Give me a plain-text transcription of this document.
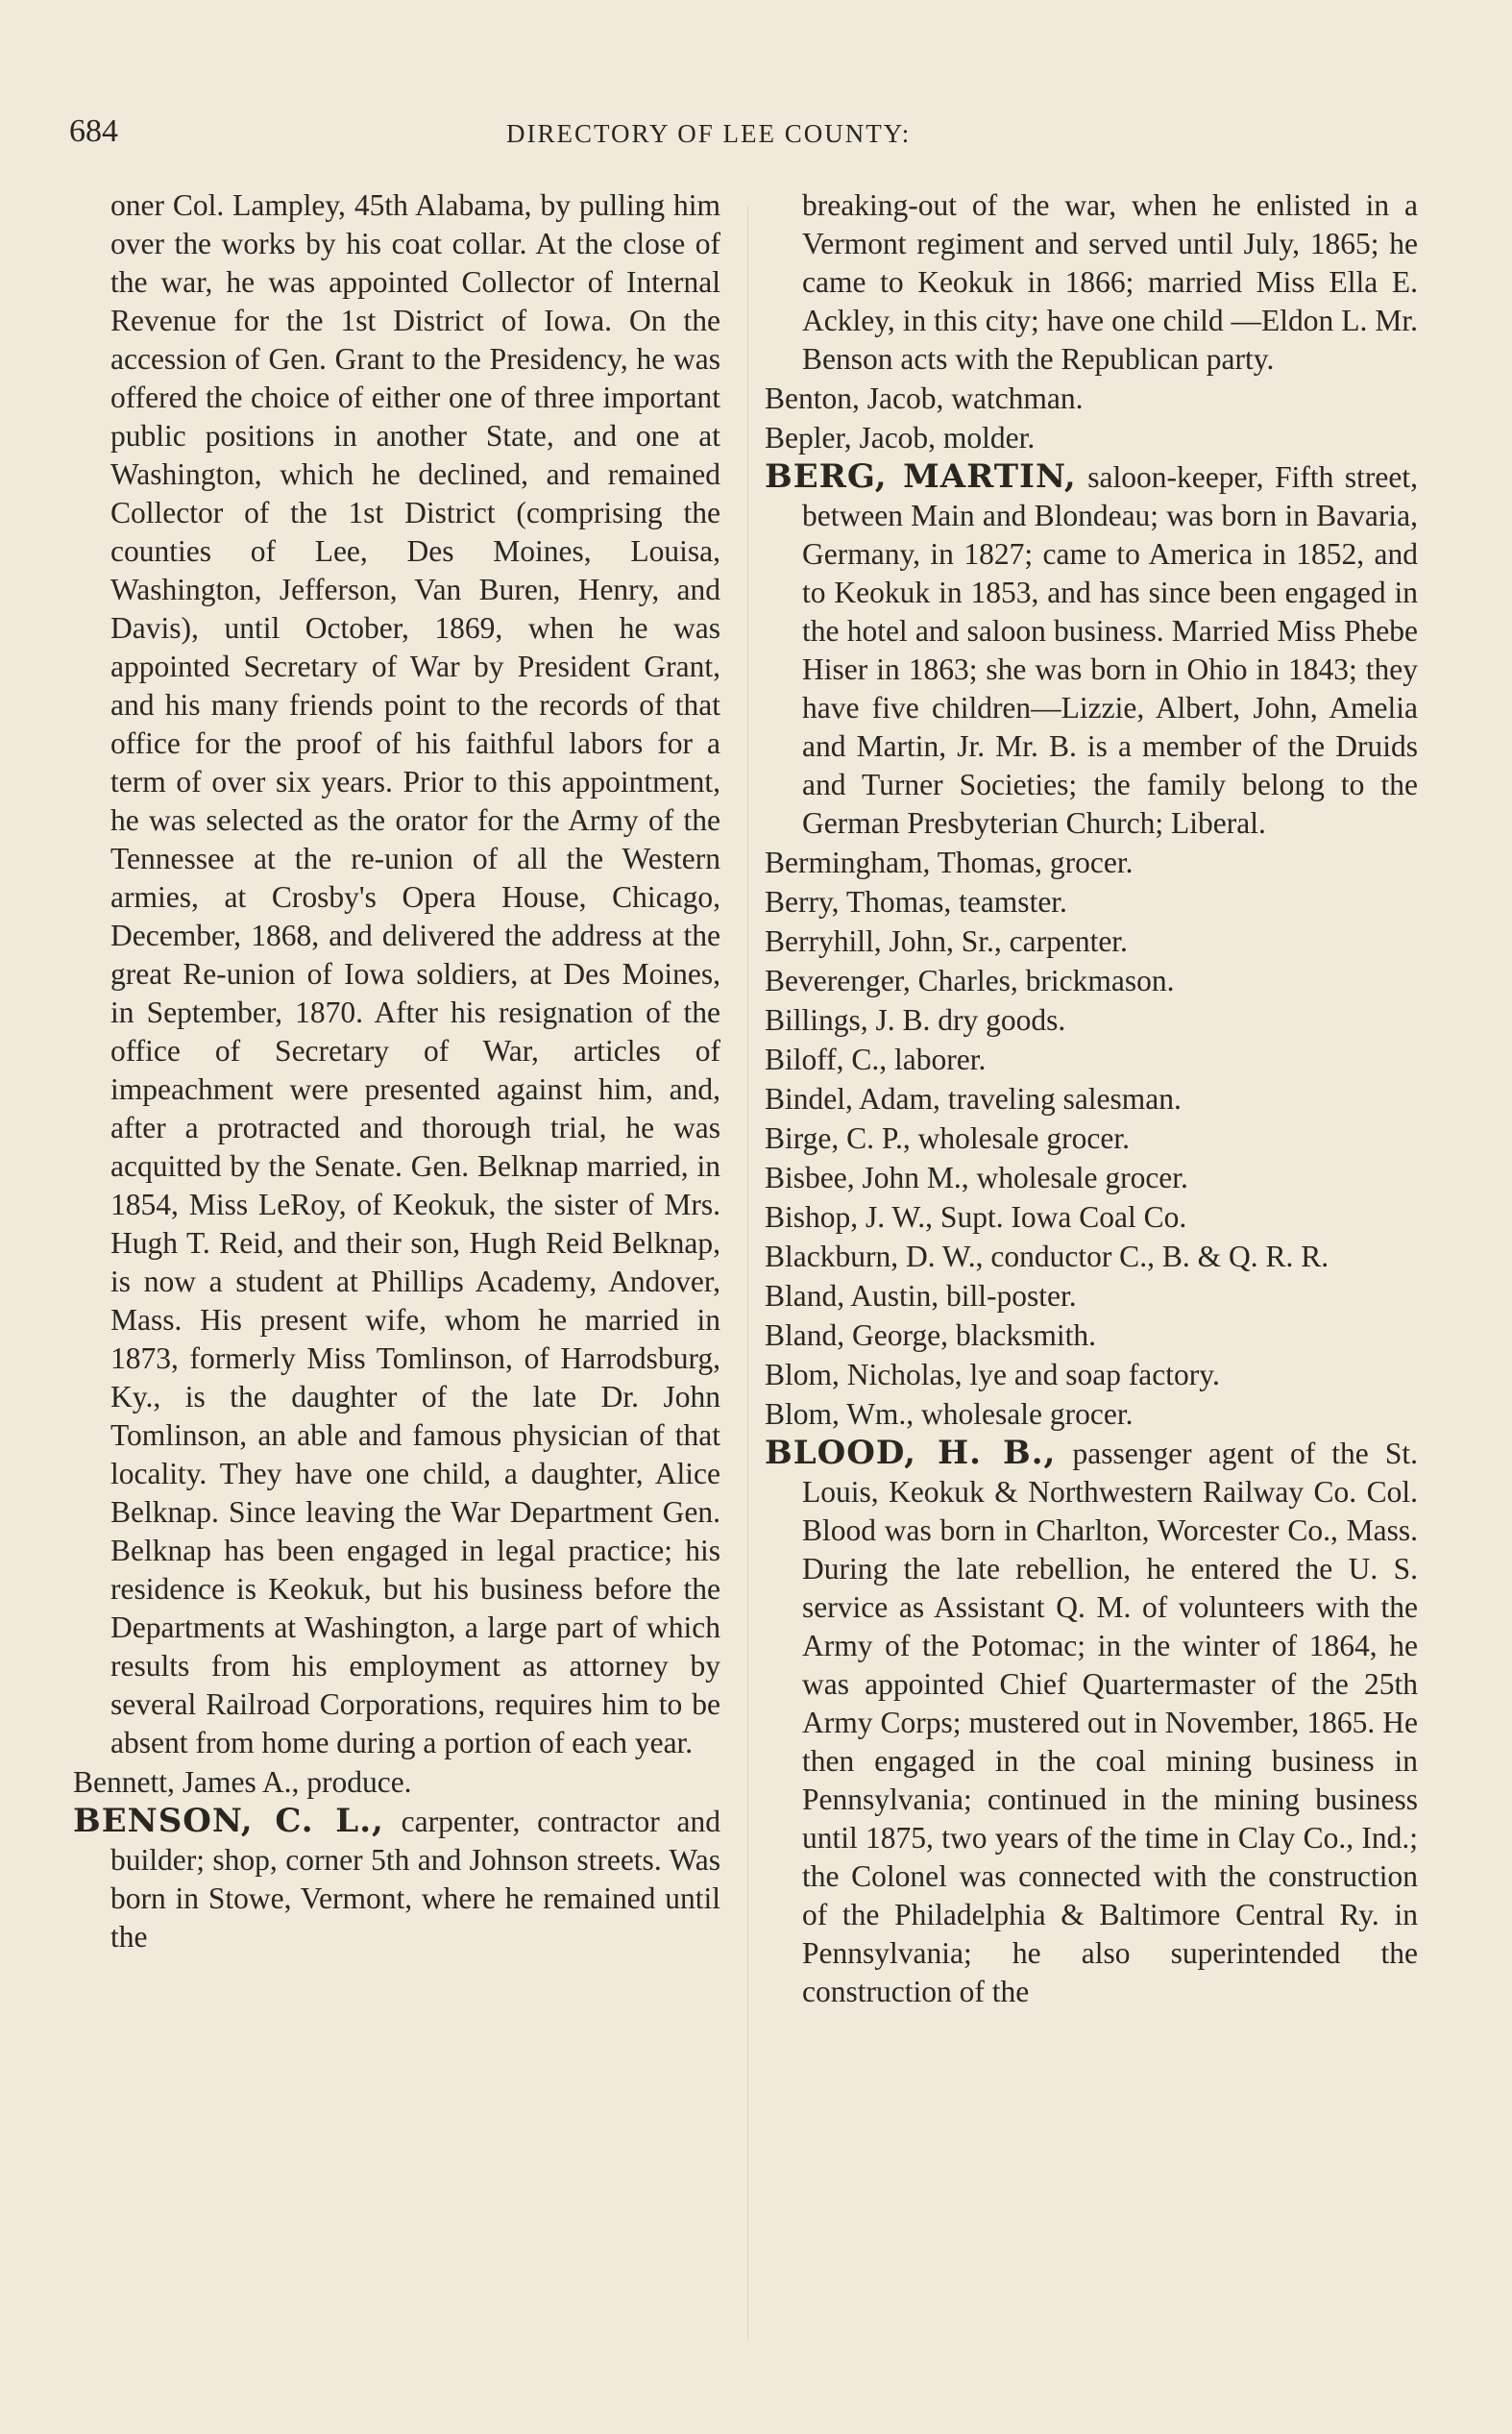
684	DIRECTORY OF LEE COUNTY:
oner Col. Lampley, 45th Alabama, by pulling him over the works by his coat collar. At the close of the war, he was appointed Collector of Internal Revenue for the 1st District of Iowa. On the accession of Gen. Grant to the Presidency, he was offered the choice of either one of three important public positions in another State, and one at Washington, which he declined, and remained Collector of the 1st District (comprising the counties of Lee, Des Moines, Louisa, Washington, Jefferson, Van Buren, Henry, and Davis), until October, 1869, when he was appointed Secretary of War by President Grant, and his many friends point to the records of that office for the proof of his faithful labors for a term of over six years. Prior to this appointment, he was selected as the orator for the Army of the Tennessee at the re-union of all the Western armies, at Crosby's Opera House, Chicago, December, 1868, and delivered the address at the great Re-union of Iowa soldiers, at Des Moines, in September, 1870. After his resignation of the office of Secretary of War, articles of impeachment were presented against him, and, after a protracted and thorough trial, he was acquitted by the Senate. Gen. Belknap married, in 1854, Miss LeRoy, of Keokuk, the sister of Mrs. Hugh T. Reid, and their son, Hugh Reid Belknap, is now a student at Phillips Academy, Andover, Mass. His present wife, whom he married in 1873, formerly Miss Tomlinson, of Harrodsburg, Ky., is the daughter of the late Dr. John Tomlinson, an able and famous physician of that locality. They have one child, a daughter, Alice Belknap. Since leaving the War Department Gen. Belknap has been engaged in legal practice; his residence is Keokuk, but his business before the Departments at Washington, a large part of which results from his employment as attorney by several Railroad Corporations, requires him to be absent from home during a portion of each year.
Bennett, James A., produce.
BENSON, C. L., carpenter, contractor and builder; shop, corner 5th and Johnson streets. Was born in Stowe, Vermont, where he remained until the
breaking-out of the war, when he enlisted in a Vermont regiment and served until July, 1865; he came to Keokuk in 1866; married Miss Ella E. Ackley, in this city; have one child —Eldon L. Mr. Benson acts with the Republican party.
Benton, Jacob, watchman.
Bepler, Jacob, molder.
BERG, MARTIN, saloon-keeper, Fifth street, between Main and Blondeau; was born in Bavaria, Germany, in 1827; came to America in 1852, and to Keokuk in 1853, and has since been engaged in the hotel and saloon business. Married Miss Phebe Hiser in 1863; she was born in Ohio in 1843; they have five children—Lizzie, Albert, John, Amelia and Martin, Jr. Mr. B. is a member of the Druids and Turner Societies; the family belong to the German Presbyterian Church; Liberal.
Bermingham, Thomas, grocer.
Berry, Thomas, teamster.
Berryhill, John, Sr., carpenter.
Beverenger, Charles, brickmason.
Billings, J. B. dry goods.
Biloff, C., laborer.
Bindel, Adam, traveling salesman.
Birge, C. P., wholesale grocer.
Bisbee, John M., wholesale grocer.
Bishop, J. W., Supt. Iowa Coal Co.
Blackburn, D. W., conductor C., B. & Q. R. R.
Bland, Austin, bill-poster.
Bland, George, blacksmith.
Blom, Nicholas, lye and soap factory.
Blom, Wm., wholesale grocer.
BLOOD, H. B., passenger agent of the St. Louis, Keokuk & Northwestern Railway Co. Col. Blood was born in Charlton, Worcester Co., Mass. During the late rebellion, he entered the U. S. service as Assistant Q. M. of volunteers with the Army of the Potomac; in the winter of 1864, he was appointed Chief Quartermaster of the 25th Army Corps; mustered out in November, 1865. He then engaged in the coal mining business in Pennsylvania; continued in the mining business until 1875, two years of the time in Clay Co., Ind.; the Colonel was connected with the construction of the Philadelphia & Baltimore Central Ry. in Pennsylvania; he also superintended the construction of the
